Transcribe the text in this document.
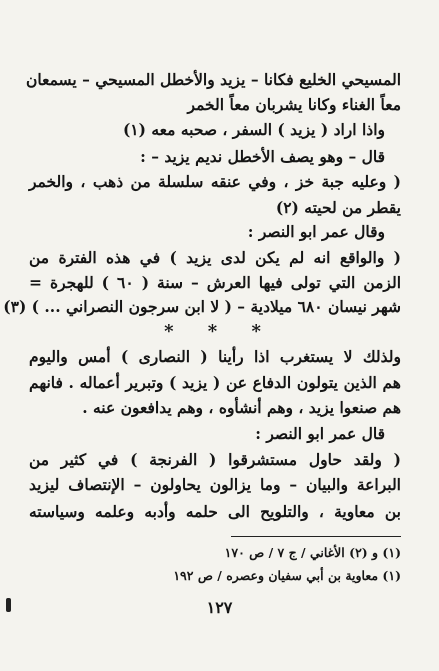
المسيحي الخليع فكانا – يزيد والأخطل المسيحي – يسمعان
معاً الغناء وكانا يشربان معاً الخمر
واذا اراد ( يزيد ) السفر ، صحبه معه (١)
قال – وهو يصف الأخطل نديم يزيد – :
( وعليه جبة خز ، وفي عنقه سلسلة من ذهب ، والخمر
يقطر من لحيته (٢)
وقال عمر ابو النصر :
( والواقع انه لم يكن لدى يزيد ) في هذه الفترة من
الزمن التي تولى فيها العرش – سنة ( ٦٠ ) للهجرة =
شهر نيسان ٦٨٠ ميلادية – ( لا ابن سرجون النصراني ... ) (٣)
* * *
ولذلك لا يستغرب اذا رأينا ( النصارى ) أمس واليوم
هم الذين يتولون الدفاع عن ( يزيد ) وتبرير أعماله . فانهم
هم صنعوا يزيد ، وهم أنشأوه ، وهم يدافعون عنه .
قال عمر ابو النصر :
( ولقد حاول مستشرقوا ( الفرنجة ) في كثير من
البراعة والبيان – وما يزالون يحاولون – الإنتصاف ليزيد
بن معاوية ، والتلويح الى حلمه وأدبه وعلمه وسياسته
(١) و (٢) الأغاني / ج ٧ / ص ١٧٠
(١) معاوية بن أبي سفيان وعصره / ص ١٩٢
١٢٧
